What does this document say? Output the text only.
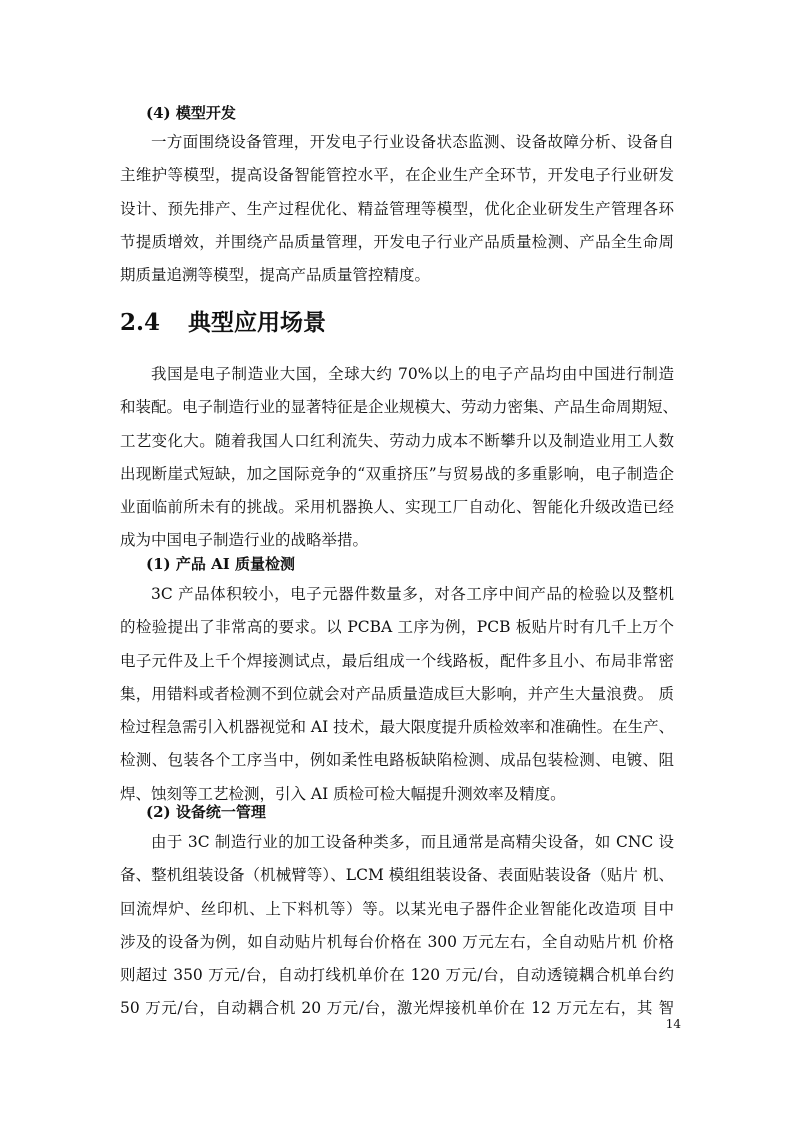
(4) 模型开发
一方面围绕设备管理，开发电子行业设备状态监测、设备故障分析、设备自
主维护等模型，提高设备智能管控水平，在企业生产全环节，开发电子行业研发
设计、预先排产、生产过程优化、精益管理等模型，优化企业研发生产管理各环
节提质增效，并围绕产品质量管理，开发电子行业产品质量检测、产品全生命周
期质量追溯等模型，提高产品质量管控精度。
2.4 典型应用场景
我国是电子制造业大国，全球大约 70%以上的电子产品均由中国进行制造
和装配。电子制造行业的显著特征是企业规模大、劳动力密集、产品生命周期短、
工艺变化大。随着我国人口红利流失、劳动力成本不断攀升以及制造业用工人数
出现断崖式短缺，加之国际竞争的“双重挤压”与贸易战的多重影响，电子制造企
业面临前所未有的挑战。采用机器换人、实现工厂自动化、智能化升级改造已经
成为中国电子制造行业的战略举措。
(1) 产品 AI 质量检测
3C 产品体积较小，电子元器件数量多，对各工序中间产品的检验以及整机
的检验提出了非常高的要求。以 PCBA 工序为例，PCB 板贴片时有几千上万个
电子元件及上千个焊接测试点，最后组成一个线路板，配件多且小、布局非常密
集，用错料或者检测不到位就会对产品质量造成巨大影响，并产生大量浪费。 质
检过程急需引入机器视觉和 AI 技术，最大限度提升质检效率和准确性。在生产、
检测、包装各个工序当中，例如柔性电路板缺陷检测、成品包装检测、电镀、阻
焊、蚀刻等工艺检测，引入 AI 质检可检大幅提升测效率及精度。
(2) 设备统一管理
由于 3C 制造行业的加工设备种类多，而且通常是高精尖设备，如 CNC 设
备、整机组装设备（机械臂等）、LCM 模组组装设备、表面贴装设备（贴片 机、
回流焊炉、丝印机、上下料机等）等。以某光电子器件企业智能化改造项 目中
涉及的设备为例，如自动贴片机每台价格在 300 万元左右，全自动贴片机 价格
则超过 350 万元/台，自动打线机单价在 120 万元/台，自动透镜耦合机单台约
50 万元/台，自动耦合机 20 万元/台，激光焊接机单价在 12 万元左右，其 智
14
